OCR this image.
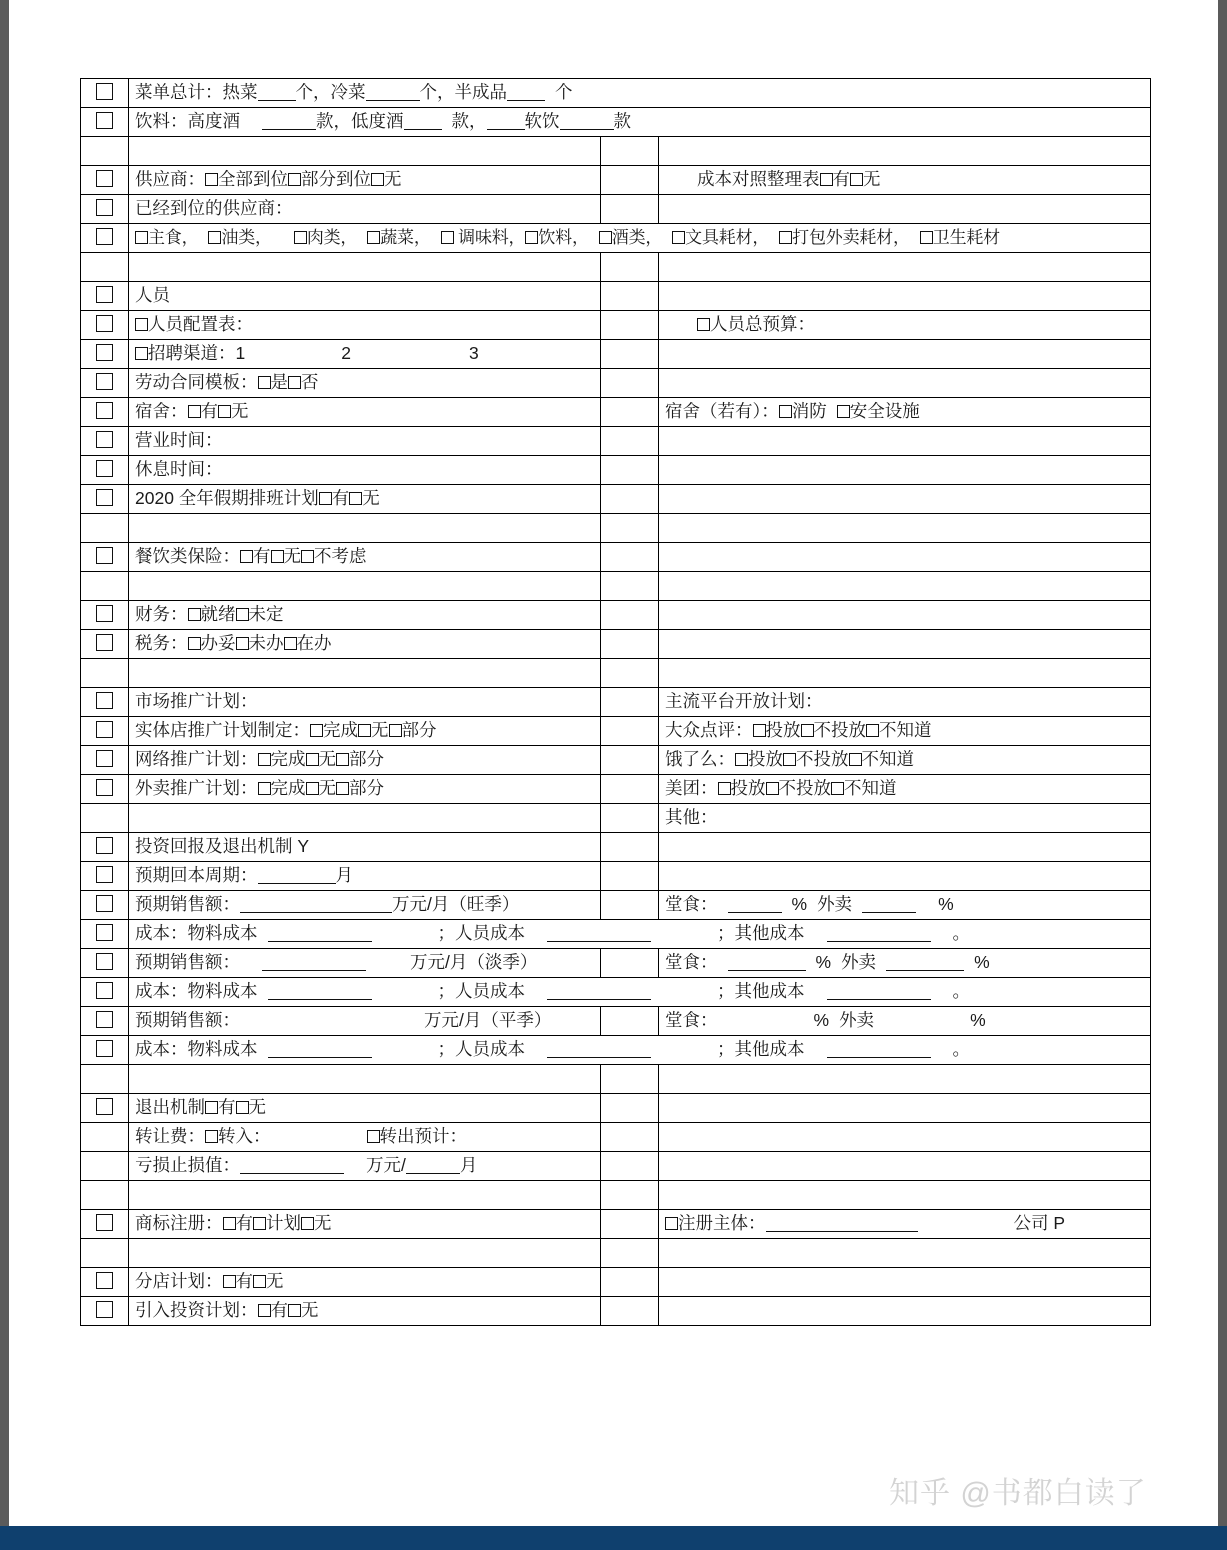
	菜单总计：热菜 个，冷菜 个，半成品 个		
	饮料：高度酒 款，低度酒 款， 软饮 款		

	供应商： 全部到位 部分到位 无		成本对照整理表 有 无
	已经到位的供应商：		
	主食， 油类， 肉类， 蔬菜， 调味料， 饮料， 酒类， 文具耗材， 打包外卖耗材， 卫生耗材		

	人员		
	人员配置表：		人员总预算：
	招聘渠道：1 2 3		
	劳动合同模板： 是 否		
	宿舍： 有 无		宿舍（若有）： 消防 安全设施
	营业时间：		
	休息时间：		
	2020 全年假期排班计划 有 无		

	餐饮类保险： 有 无 不考虑		

	财务： 就绪 未定		
	税务： 办妥 未办 在办		

	市场推广计划：		主流平台开放计划：
	实体店推广计划制定： 完成 无 部分		大众点评： 投放 不投放 不知道
	网络推广计划： 完成 无 部分		饿了么： 投放 不投放 不知道
	外卖推广计划： 完成 无 部分		美团： 投放 不投放 不知道
			其他：
	投资回报及退出机制 Y		
	预期回本周期： 月		
	预期销售额： 万元/月（旺季）		堂食： % 外卖 %
	成本：物料成本 ；人员成本 ；其他成本 。		
	预期销售额： 万元/月（淡季）		堂食： % 外卖 %
	成本：物料成本 ；人员成本 ；其他成本 。		
	预期销售额： 万元/月（平季）		堂食： % 外卖 %
	成本：物料成本 ；人员成本 ；其他成本 。		

	退出机制 有 无		
	转让费： 转入： 转出预计：		
	亏损止损值： 万元/ 月		

	商标注册： 有 计划 无		注册主体： 公司 P

	分店计划： 有 无		
	引入投资计划： 有 无		
知乎 @书都白读了
